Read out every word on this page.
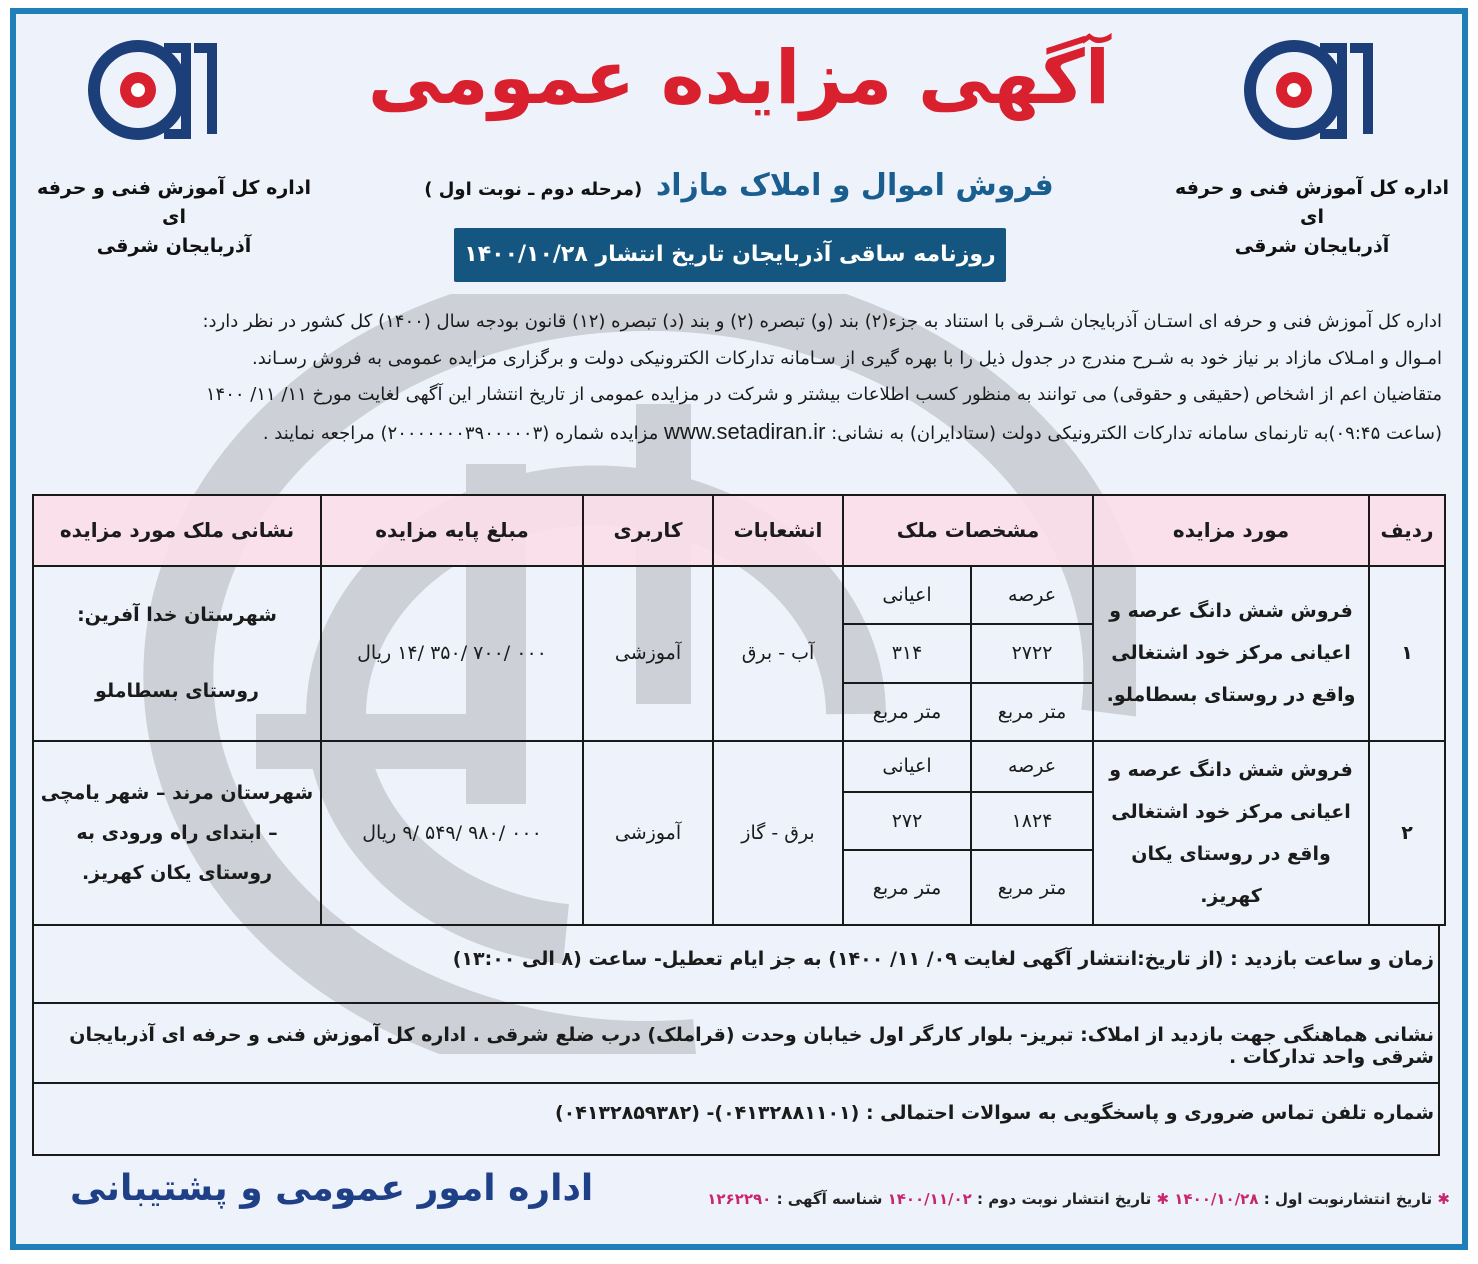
اداره کل آموزش فنی و حرفه ای
آذربایجان شرقی
اداره کل آموزش فنی و حرفه ای
آذربایجان شرقی
آگهی مزایده عمومی
فروش اموال و املاک مازاد (مرحله دوم ـ نوبت اول )
روزنامه ساقی آذربایجان تاریخ انتشار ۱۴۰۰/۱۰/۲۸

اداره کل آموزش فنی و حرفه ای استـان آذربایجان شـرقی با استناد به جزء(۲) بند (و) تبصره (۲) و بند (د) تبصره (۱۲) قانون بودجه سال (۱۴۰۰) کل کشور در نظر دارد:

امـوال و امـلاک مازاد بر نیاز خود به شـرح مندرج در جدول ذیل را با بهره گیری از سـامانه تدارکات الکترونیکی دولت و برگزاری مزایده عمومی به فروش رسـاند.

متقاضیان اعم از اشخاص (حقیقی و حقوقی) می توانند به منظور کسب اطلاعات بیشتر و شرکت در مزایده عمومی از تاریخ انتشار این آگهی لغایت مورخ ۱۱/ ۱۱/ ۱۴۰۰

(ساعت ۰۹:۴۵)به تارنمای سامانه تدارکات الکترونیکی دولت (ستادایران) به نشانی: www.setadiran.ir مزایده شماره (۲۰۰۰۰۰۰۰۳۹۰۰۰۰۰۳) مراجعه نمایند .

ردیف	مورد مزایده	مشخصات ملک		انشعابات	کاربری	مبلغ پایه مزایده	نشانی ملک مورد مزایده
۱	فروش شش دانگ عرصه و اعیانی مرکز خود اشتغالی واقع در روستای بسطاملو.	عرصه	اعیانی	آب - برق	آموزشی	۰۰۰ /۷۰۰ /۳۵۰ /۱۴ ریال	شهرستان خدا آفرین:
روستای بسطاملو

		۲۷۲۲	۳۱۴				
		متر مربع	متر مربع				
۲	فروش شش دانگ عرصه و اعیانی مرکز خود اشتغالی واقع در روستای یکان کهریز.	عرصه	اعیانی	برق - گاز	آموزشی	۰۰۰ /۹۸۰ /۵۴۹ /۹ ریال	شهرستان مرند – شهر یامچی – ابتدای راه ورودی به روستای یکان کهریز.
		۱۸۲۴	۲۷۲				
		متر مربع	متر مربع				
زمان و ساعت بازدید : (از تاریخ:انتشار آگهی لغایت ۰۹/ ۱۱/ ۱۴۰۰) به جز ایام تعطیل- ساعت (۸ الی ۱۳:۰۰)
نشانی هماهنگی جهت بازدید از املاک: تبریز- بلوار کارگر اول خیابان وحدت (قراملک) درب ضلع شرقی . اداره کل آموزش فنی و حرفه ای آذربایجان شرقی واحد تدارکات .
شماره تلفن تماس ضروری و پاسخگویی به سوالات احتمالی : (۰۴۱۳۲۸۸۱۱۰۱)- (۰۴۱۳۲۸۵۹۳۸۲)
اداره امور عمومی و پشتیبانی	✱ تاریخ انتشارنوبت اول : ۱۴۰۰/۱۰/۲۸ ✱ تاریخ انتشار نوبت دوم : ۱۴۰۰/۱۱/۰۲ شناسه آگهی : ۱۲۶۲۲۹۰
